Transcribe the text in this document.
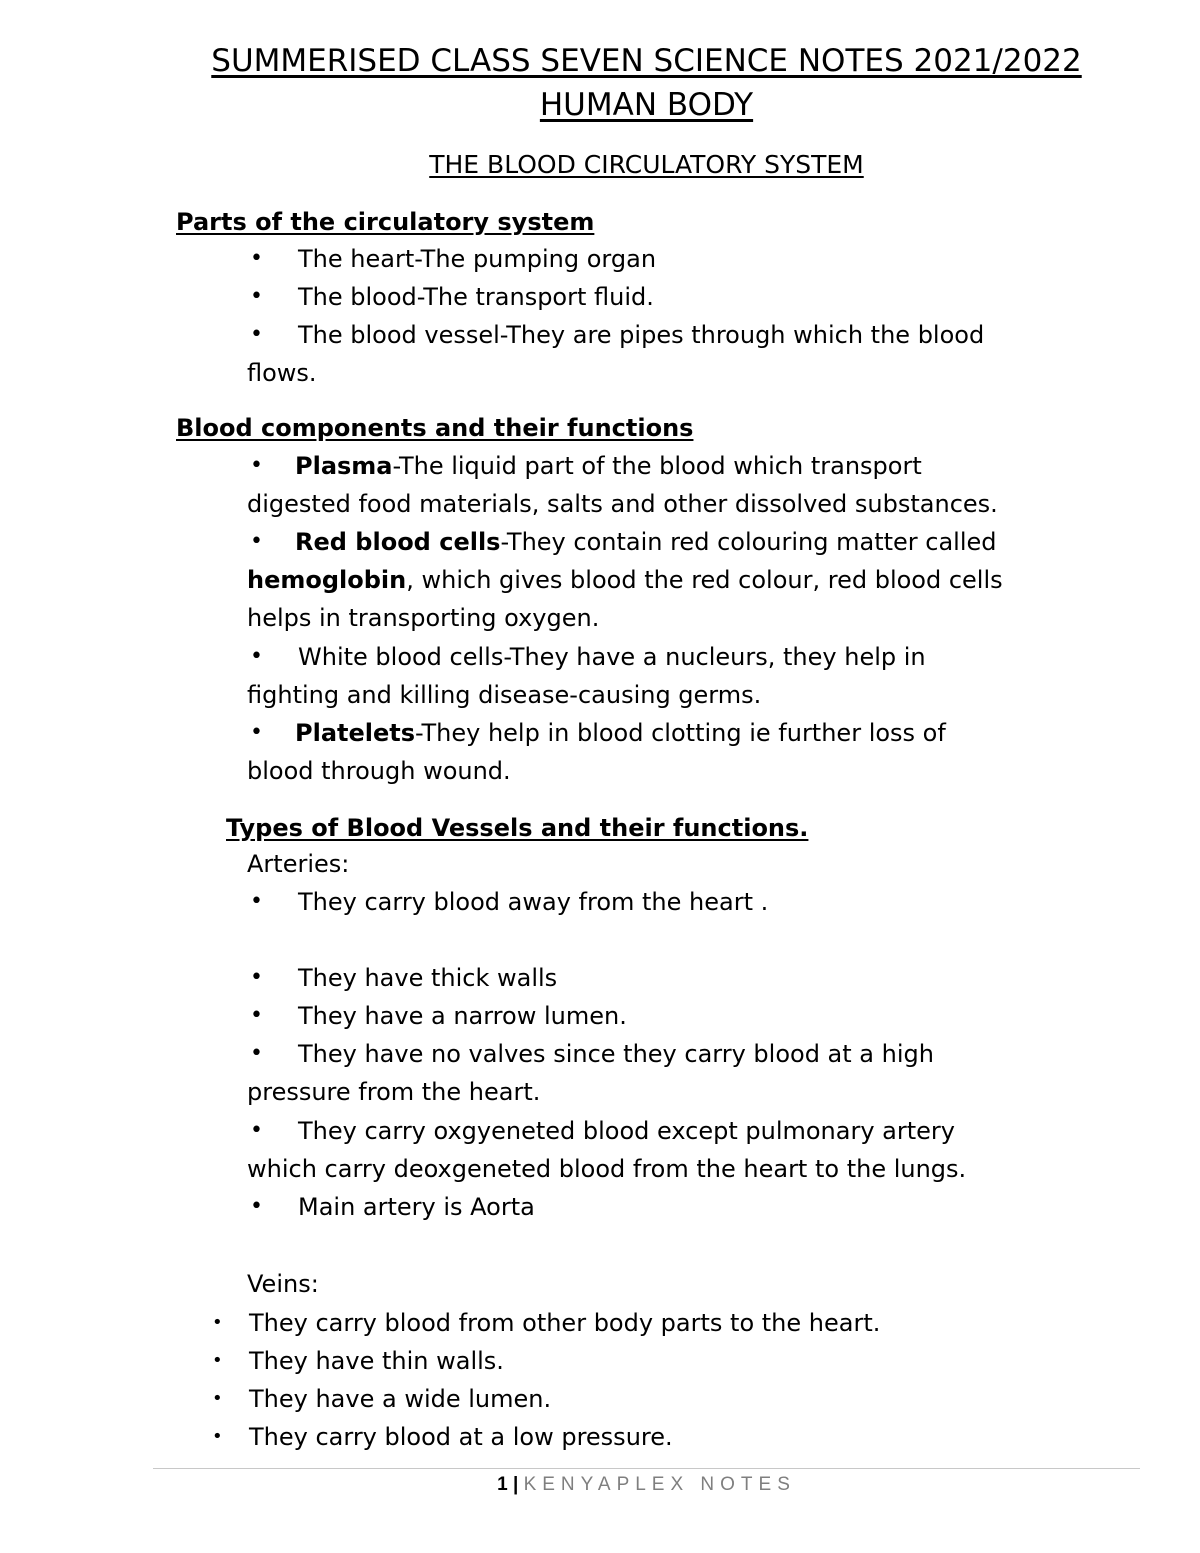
SUMMERISED CLASS SEVEN SCIENCE NOTES 2021/2022
HUMAN BODY
THE BLOOD CIRCULATORY SYSTEM
Parts of the circulatory system
• The heart-The pumping organ
• The blood-The transport fluid.
• The blood vessel-They are pipes through which the blood
flows.
Blood components and their functions
• Plasma-The liquid part of the blood which transport
digested food materials, salts and other dissolved substances.
• Red blood cells-They contain red colouring matter called
hemoglobin, which gives blood the red colour, red blood cells
helps in transporting oxygen.
• White blood cells-They have a nucleurs, they help in
fighting and killing disease-causing germs.
• Platelets-They help in blood clotting ie further loss of
blood through wound.
Types of Blood Vessels and their functions.
Arteries:
• They carry blood away from the heart .
• They have thick walls
• They have a narrow lumen.
• They have no valves since they carry blood at a high
pressure from the heart.
• They carry oxgyeneted blood except pulmonary artery
which carry deoxgeneted blood from the heart to the lungs.
• Main artery is Aorta
Veins:
• They carry blood from other body parts to the heart.
• They have thin walls.
• They have a wide lumen.
• They carry blood at a low pressure.
1 | KENYAPLEX NOTES
